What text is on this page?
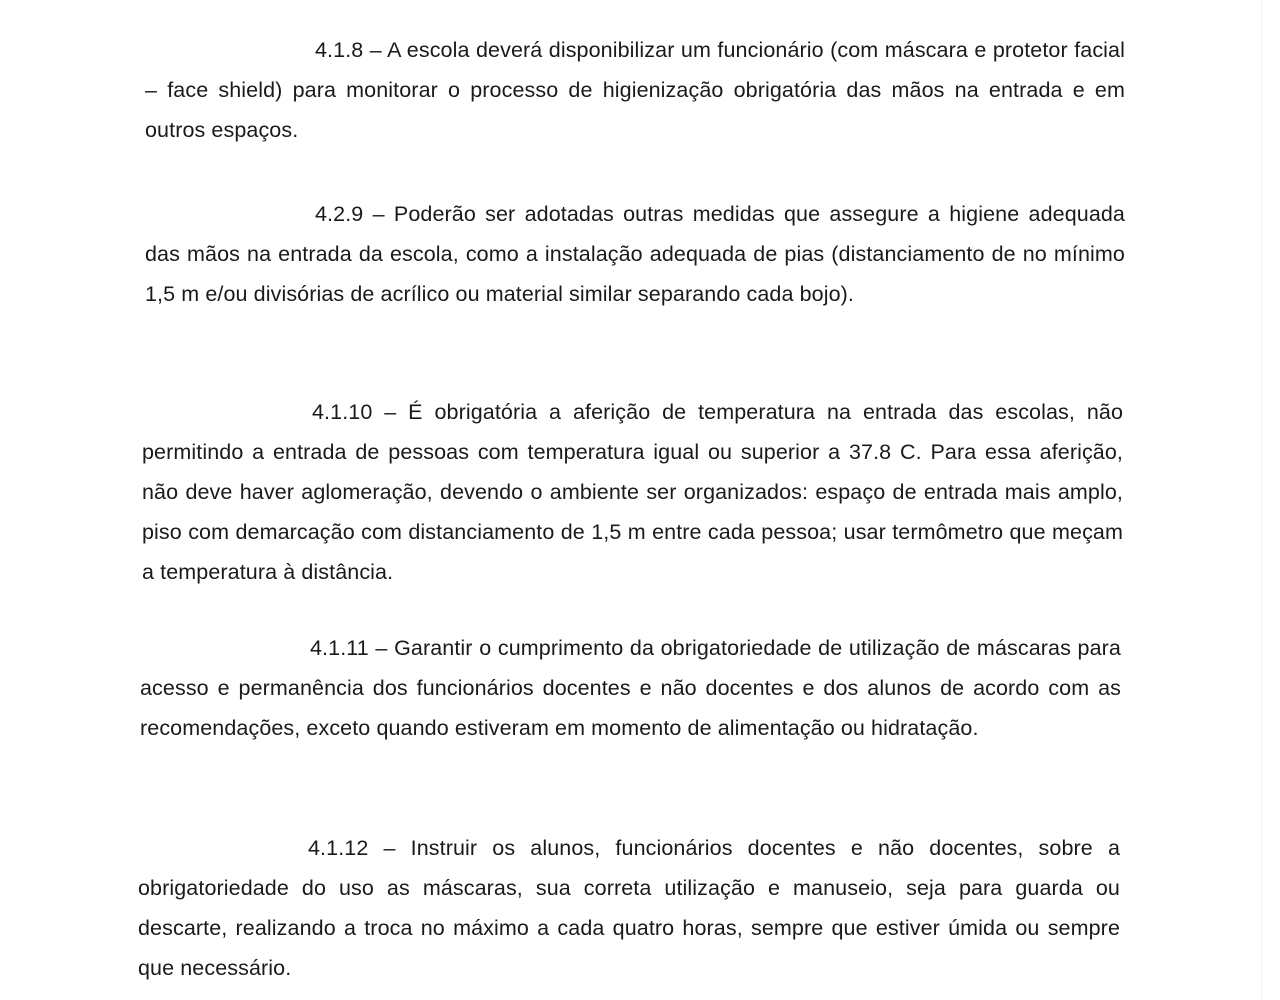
4.1.8 – A escola deverá disponibilizar um funcionário (com máscara e protetor facial – face shield) para monitorar o processo de higienização obrigatória das mãos na entrada e em outros espaços.

4.2.9 – Poderão ser adotadas outras medidas que assegure a higiene adequada das mãos na entrada da escola, como a instalação adequada de pias (distanciamento de no mínimo 1,5 m e/ou divisórias de acrílico ou material similar separando cada bojo).

4.1.10 – É obrigatória a aferição de temperatura na entrada das escolas, não permitindo a entrada de pessoas com temperatura igual ou superior a 37.8 C. Para essa aferição, não deve haver aglomeração, devendo o ambiente ser organizados: espaço de entrada mais amplo, piso com demarcação com distanciamento de 1,5 m entre cada pessoa; usar termômetro que meçam a temperatura à distância.

4.1.11 – Garantir o cumprimento da obrigatoriedade de utilização de máscaras para acesso e permanência dos funcionários docentes e não docentes e dos alunos de acordo com as recomendações, exceto quando estiveram em momento de alimentação ou hidratação.

4.1.12 – Instruir os alunos, funcionários docentes e não docentes, sobre a obrigatoriedade do uso as máscaras, sua correta utilização e manuseio, seja para guarda ou descarte, realizando a troca no máximo a cada quatro horas, sempre que estiver úmida ou sempre que necessário.
